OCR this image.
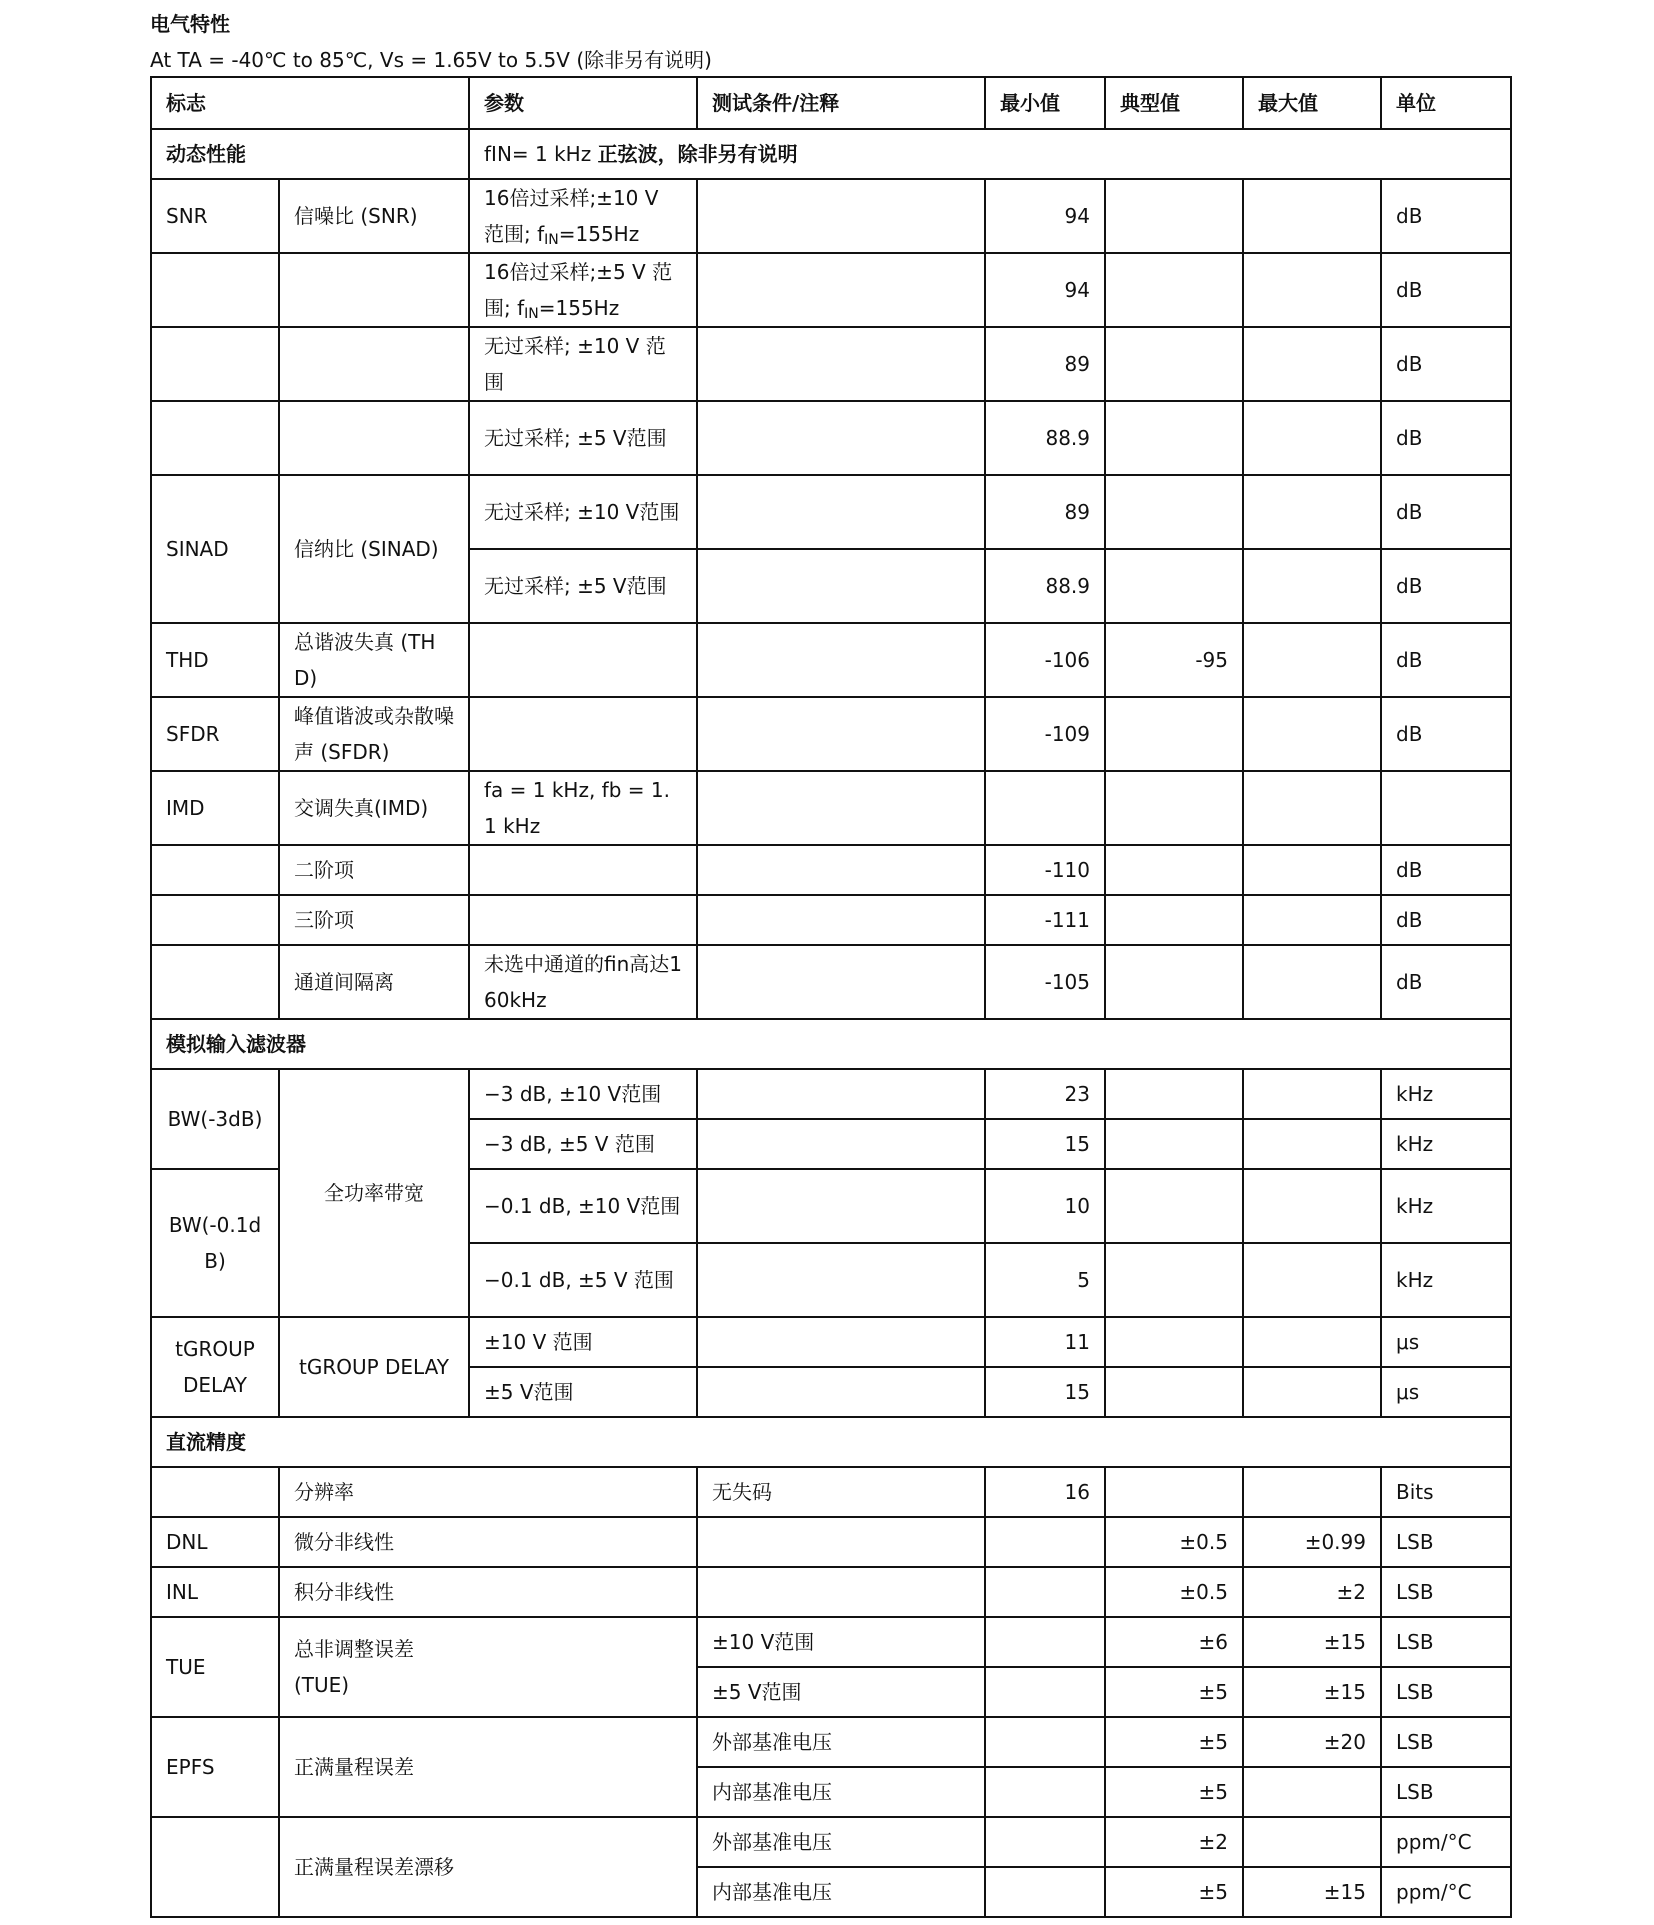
电气特性
At TA = -40℃ to 85℃, Vs = 1.65V to 5.5V (除非另有说明)
标志		参数	测试条件/注释	最小值	典型值	最大值	单位
动态性能		fIN= 1 kHz 正弦波，除非另有说明					
SNR	信噪比 (SNR)	16倍过采样;±10 V 范围; $f_{IN}=155Hz$		94			dB
		16倍过采样;±5 V 范围; $f_{IN}=155Hz$		94			dB
		无过采样; ±10 V 范围		89			dB
		无过采样; ±5 V范围		88.9			dB
SINAD	信纳比 (SINAD)	无过采样; ±10 V范围		89			dB
		无过采样; ±5 V范围		88.9			dB
THD	总谐波失真 (THD)			-106	-95		dB
SFDR	峰值谐波或杂散噪声 (SFDR)			-109			dB
IMD	交调失真(IMD)	fa = 1 kHz, fb = 1.1 kHz					
	二阶项			-110			dB
	三阶项			-111			dB
	通道间隔离	未选中通道的fin高达160kHz		-105			dB
模拟输入滤波器							
BW(-3dB)	全功率带宽	−3 dB, ±10 V范围		23			kHz
		−3 dB, ±5 V 范围		15			kHz
BW(-0.1dB)		−0.1 dB, ±10 V范围		10			kHz
		−0.1 dB, ±5 V 范围		5			kHz
tGROUP DELAY	tGROUP DELAY	±10 V 范围		11			μs
		±5 V范围		15			μs
直流精度							
	分辨率		无失码	16			Bits
DNL	微分非线性				±0.5	±0.99	LSB
INL	积分非线性				±0.5	±2	LSB
TUE	总非调整误差 (TUE)		±10 V范围		±6	±15	LSB
			±5 V范围		±5	±15	LSB
EPFS	正满量程误差		外部基准电压		±5	±20	LSB
			内部基准电压		±5		LSB
	正满量程误差漂移		外部基准电压		±2		ppm/°C
			内部基准电压		±5	±15	ppm/°C
